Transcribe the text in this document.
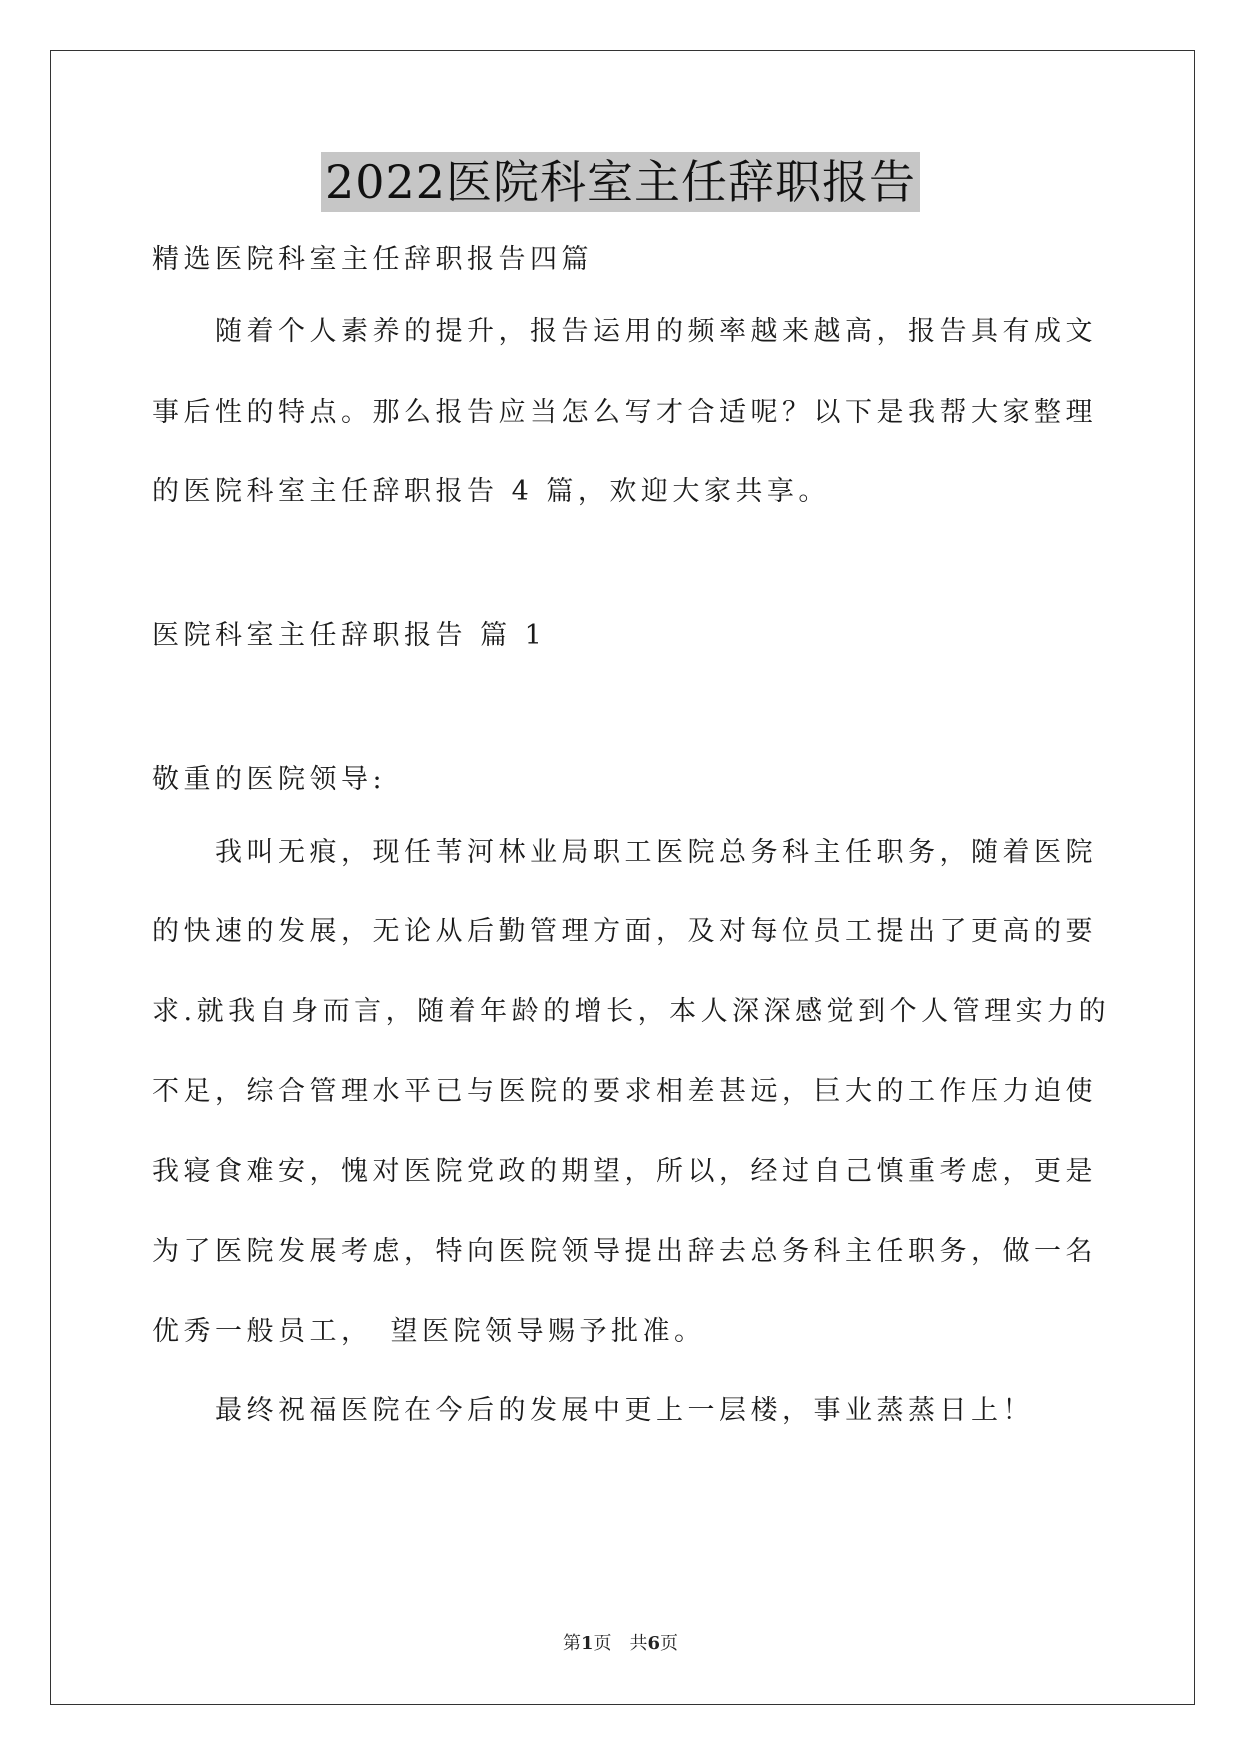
2022医院科室主任辞职报告
精选医院科室主任辞职报告四篇
　　随着个人素养的提升，报告运用的频率越来越高，报告具有成文
事后性的特点。那么报告应当怎么写才合适呢？以下是我帮大家整理
的医院科室主任辞职报告 4 篇，欢迎大家共享。
医院科室主任辞职报告 篇 1
敬重的医院领导:
　　我叫无痕，现任苇河林业局职工医院总务科主任职务，随着医院
的快速的发展，无论从后勤管理方面，及对每位员工提出了更高的要
求.就我自身而言，随着年龄的增长，本人深深感觉到个人管理实力的
不足，综合管理水平已与医院的要求相差甚远，巨大的工作压力迫使
我寝食难安，愧对医院党政的期望，所以，经过自己慎重考虑，更是
为了医院发展考虑，特向医院领导提出辞去总务科主任职务，做一名
优秀一般员工，　望医院领导赐予批准。
　　最终祝福医院在今后的发展中更上一层楼，事业蒸蒸日上！
第1页　共6页
